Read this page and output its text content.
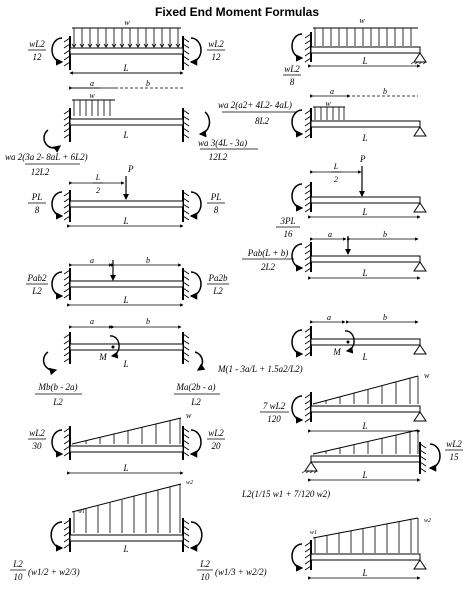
Fixed End Moment Formulas
w
wL2
12
wL2
12
L
a	b
w
L
wa 2(3a 2- 8aL + 6L2)
12L2
wa 3(4L - 3a)
12L2
L
2
P
PL
8
PL
8
L
a	b
Pab2
L2
Pa2b
L2
L
a	b
M
L
Mb(b - 2a)
L2
Ma(2b - a)
L2
w
wL2
30
wL2
20
L
w1
w2
L
L2
10 (w1/2 + w2/3)
L2
10 (w1/3 + w2/2)
w
wL2
8
L
a	b
w
wa 2(a2+ 4L2- 4aL)
8L2
L
L
2
P
3PL
16
L
a	b
Pab(L + b)
2L2
L
a	b
M L
M(1 - 3a/L + 1.5a2/L2)
w
7 wL2
120
L
wL2
15
L
L2(1/15 w1 + 7/120 w2)
w1
w2
L
